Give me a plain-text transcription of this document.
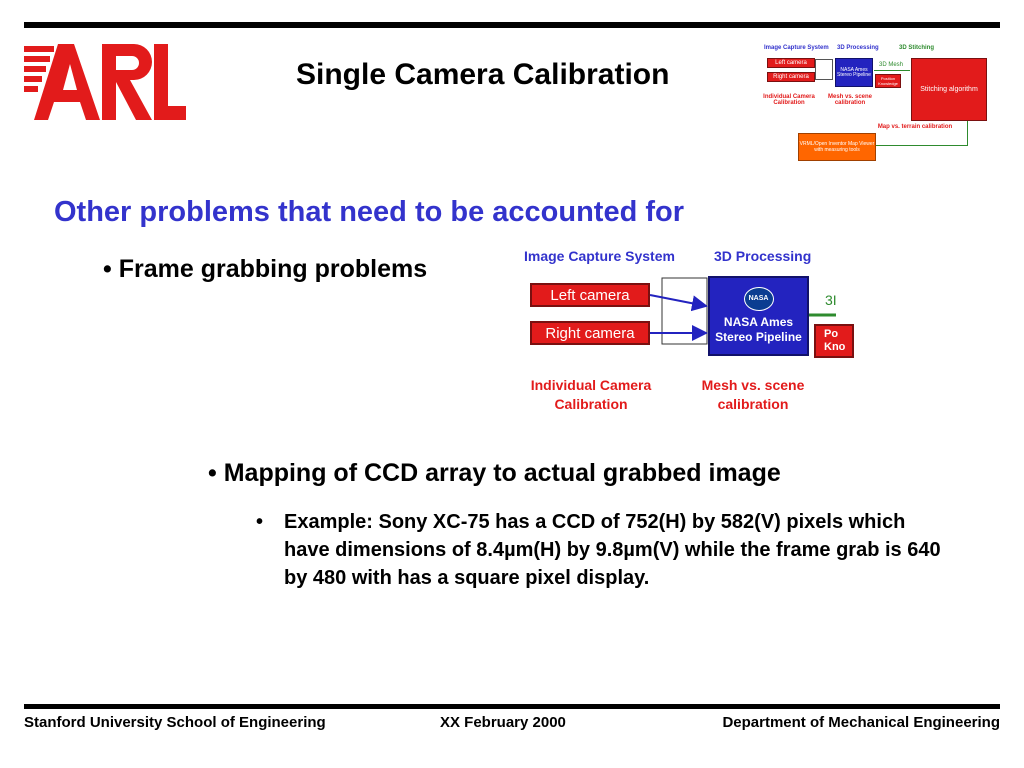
Single Camera Calibration
Image Capture System 3D Processing	3D Stitching
Left camera
Right camera
NASA Ames Stereo Pipeline
3D Mesh
Position Knowledge
Stitching algorithm
Individual Camera Calibration
Mesh vs. scene calibration
Map vs. terrain calibration
VRML/Open Inventor Map Viewer with measuring tools
Other problems that need to be accounted for
• Frame grabbing problems	Image Capture System	3D Processing
Left camera
Right camera
NASA
NASA Ames
Stereo Pipeline
3I
Po
Kno
Individual Camera
Calibration
Mesh vs. scene
calibration
• Mapping of CCD array to actual grabbed image
• Example: Sony XC-75 has a CCD of 752(H) by 582(V) pixels which have dimensions of 8.4µm(H) by 9.8µm(V) while the frame grab is 640 by 480 with has a square pixel display.
Stanford University School of Engineering	XX February 2000	Department of Mechanical Engineering
